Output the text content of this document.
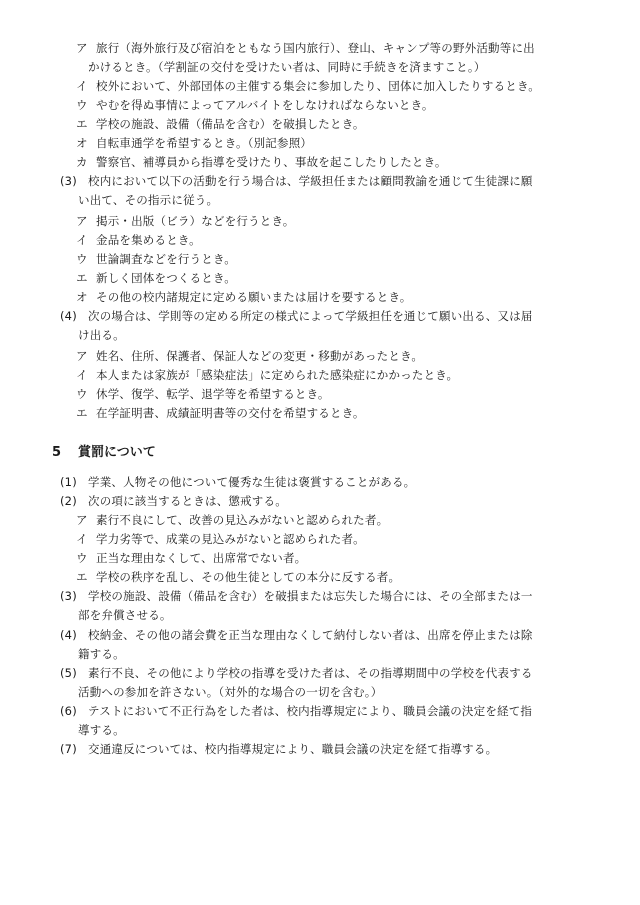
ア 旅行（海外旅行及び宿泊をともなう国内旅行）、登山、キャンプ等の野外活動等に出
かけるとき。（学割証の交付を受けたい者は、同時に手続きを済ますこと。）
イ 校外において、外部団体の主催する集会に参加したり、団体に加入したりするとき。
ウ やむを得ぬ事情によってアルバイトをしなければならないとき。
エ 学校の施設、設備（備品を含む）を破損したとき。
オ 自転車通学を希望するとき。（別記参照）
カ 警察官、補導員から指導を受けたり、事故を起こしたりしたとき。
(3) 校内において以下の活動を行う場合は、学級担任または顧問教諭を通じて生徒課に願
い出て、その指示に従う。
ア 掲示・出版（ビラ）などを行うとき。
イ 金品を集めるとき。
ウ 世論調査などを行うとき。
エ 新しく団体をつくるとき。
オ その他の校内諸規定に定める願いまたは届けを要するとき。
(4) 次の場合は、学則等の定める所定の様式によって学級担任を通じて願い出る、又は届
け出る。
ア 姓名、住所、保護者、保証人などの変更・移動があったとき。
イ 本人または家族が「感染症法」に定められた感染症にかかったとき。
ウ 休学、復学、転学、退学等を希望するとき。
エ 在学証明書、成績証明書等の交付を希望するとき。
5 賞罰について
(1) 学業、人物その他について優秀な生徒は褒賞することがある。
(2) 次の項に該当するときは、懲戒する。
ア 素行不良にして、改善の見込みがないと認められた者。
イ 学力劣等で、成業の見込みがないと認められた者。
ウ 正当な理由なくして、出席常でない者。
エ 学校の秩序を乱し、その他生徒としての本分に反する者。
(3) 学校の施設、設備（備品を含む）を破損または忘失した場合には、その全部または一
部を弁償させる。
(4) 校納金、その他の諸会費を正当な理由なくして納付しない者は、出席を停止または除
籍する。
(5) 素行不良、その他により学校の指導を受けた者は、その指導期間中の学校を代表する
活動への参加を許さない。（対外的な場合の一切を含む。）
(6) テストにおいて不正行為をした者は、校内指導規定により、職員会議の決定を経て指
導する。
(7) 交通違反については、校内指導規定により、職員会議の決定を経て指導する。
